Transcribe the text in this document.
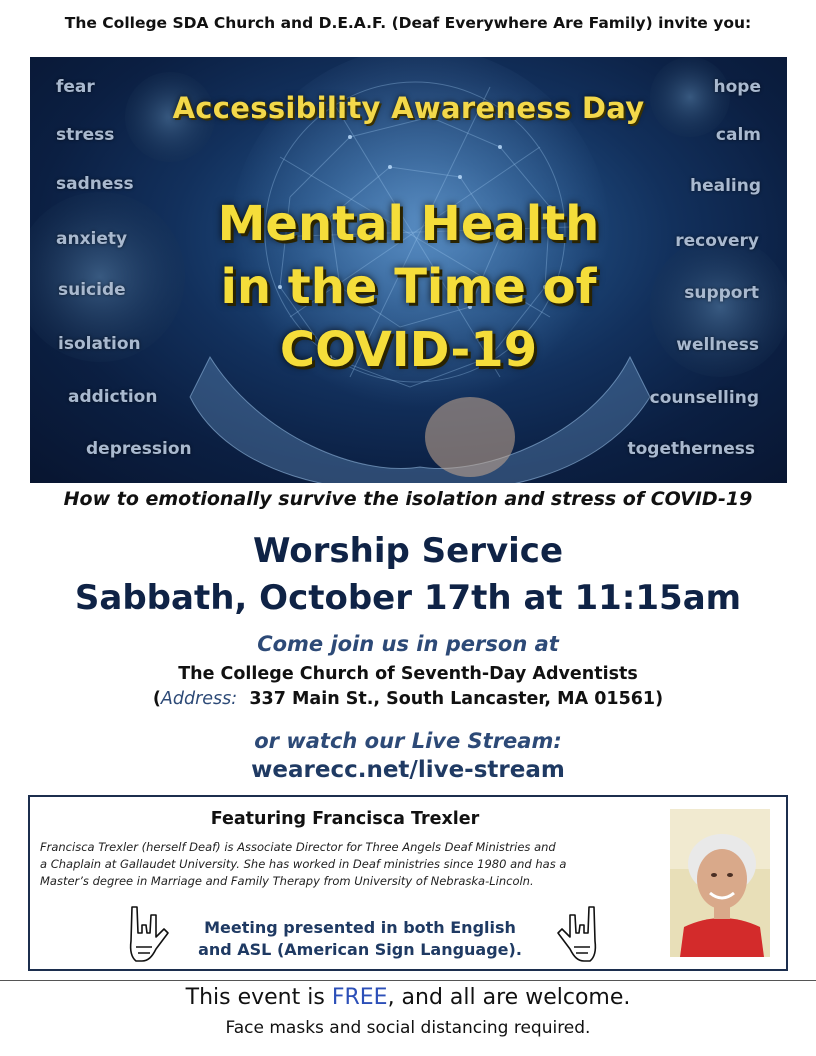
The College SDA Church and D.E.A.F. (Deaf Everywhere Are Family) invite you:
fear
stress
sadness
anxiety
suicide
isolation
addiction
depression
hope
calm
healing
recovery
support
wellness
counselling
togetherness
Accessibility Awareness Day
Mental Health
in the Time of
COVID-19
How to emotionally survive the isolation and stress of COVID-19
Worship Service
Sabbath, October 17th at 11:15am
Come join us in person at
The College Church of Seventh-Day Adventists
(Address: 337 Main St., South Lancaster, MA 01561)
or watch our Live Stream:
wearecc.net/live-stream
Featuring Francisca Trexler
Francisca Trexler (herself Deaf) is Associate Director for Three Angels Deaf Ministries and
a Chaplain at Gallaudet University. She has worked in Deaf ministries since 1980 and has a
Master’s degree in Marriage and Family Therapy from University of Nebraska-Lincoln.
Meeting presented in both English
and ASL (American Sign Language).
This event is FREE, and all are welcome.
Face masks and social distancing required.
